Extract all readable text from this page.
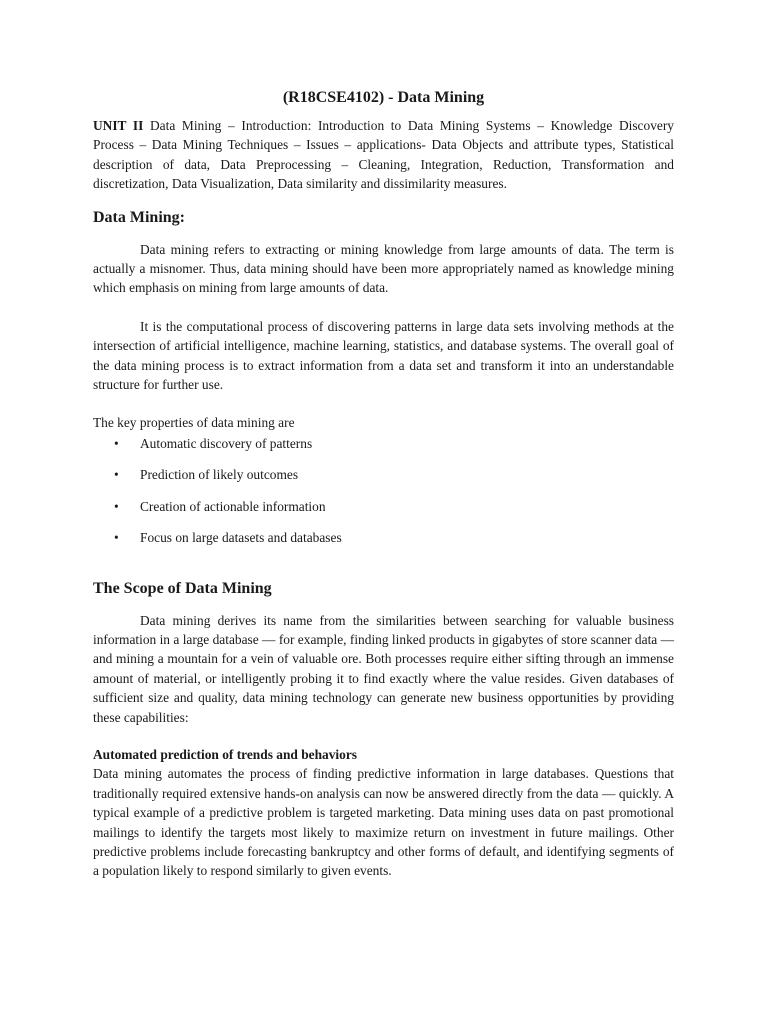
(R18CSE4102) - Data Mining

UNIT II Data Mining – Introduction: Introduction to Data Mining Systems – Knowledge Discovery Process – Data Mining Techniques – Issues – applications- Data Objects and attribute types, Statistical description of data, Data Preprocessing – Cleaning, Integration, Reduction, Transformation and discretization, Data Visualization, Data similarity and dissimilarity measures.

Data Mining:

Data mining refers to extracting or mining knowledge from large amounts of data. The term is actually a misnomer. Thus, data mining should have been more appropriately named as knowledge mining which emphasis on mining from large amounts of data.

It is the computational process of discovering patterns in large data sets involving methods at the intersection of artificial intelligence, machine learning, statistics, and database systems. The overall goal of the data mining process is to extract information from a data set and transform it into an understandable structure for further use.

The key properties of data mining are

• Automatic discovery of patterns
• Prediction of likely outcomes
• Creation of actionable information
• Focus on large datasets and databases
The Scope of Data Mining

Data mining derives its name from the similarities between searching for valuable business information in a large database — for example, finding linked products in gigabytes of store scanner data — and mining a mountain for a vein of valuable ore. Both processes require either sifting through an immense amount of material, or intelligently probing it to find exactly where the value resides. Given databases of sufficient size and quality, data mining technology can generate new business opportunities by providing these capabilities:

Automated prediction of trends and behaviors

Data mining automates the process of finding predictive information in large databases. Questions that traditionally required extensive hands-on analysis can now be answered directly from the data — quickly. A typical example of a predictive problem is targeted marketing. Data mining uses data on past promotional mailings to identify the targets most likely to maximize return on investment in future mailings. Other predictive problems include forecasting bankruptcy and other forms of default, and identifying segments of a population likely to respond similarly to given events.
